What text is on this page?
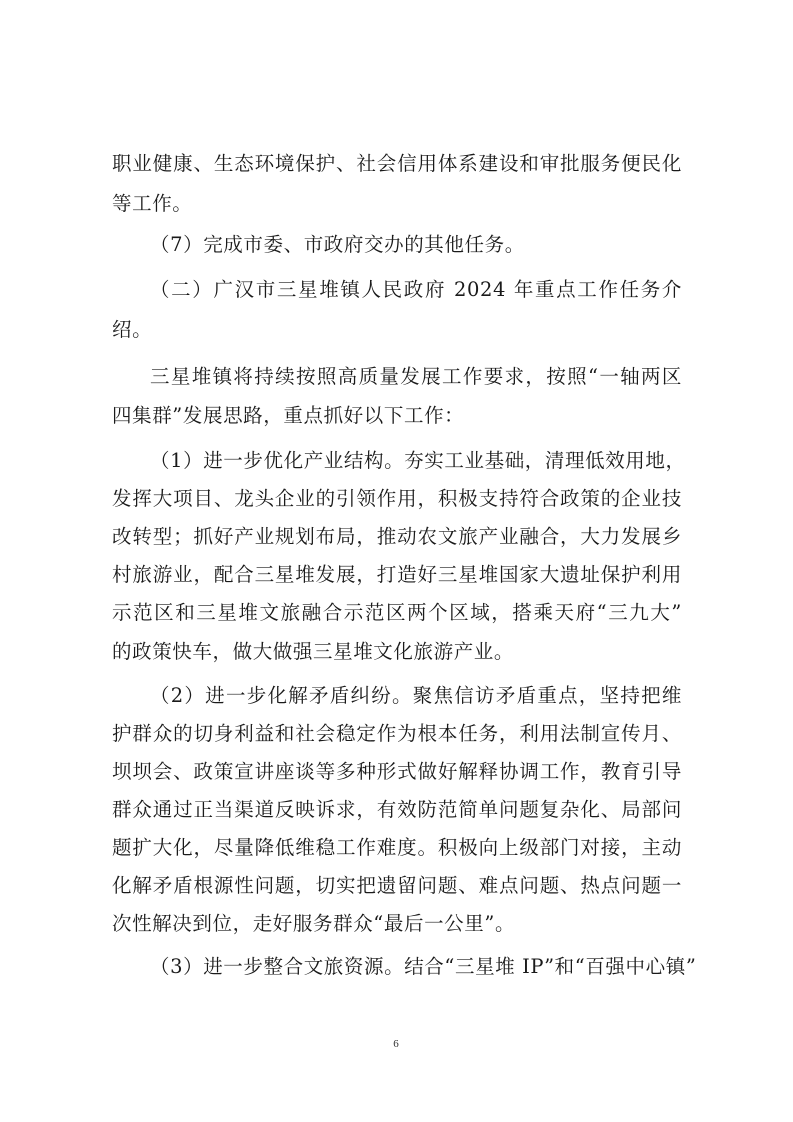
职业健康、生态环境保护、社会信用体系建设和审批服务便民化
等工作。
（7）完成市委、市政府交办的其他任务。
（二）广汉市三星堆镇人民政府 2024 年重点工作任务介
绍。
三星堆镇将持续按照高质量发展工作要求，按照“一轴两区
四集群”发展思路，重点抓好以下工作：
（1）进一步优化产业结构。夯实工业基础，清理低效用地，
发挥大项目、龙头企业的引领作用，积极支持符合政策的企业技
改转型；抓好产业规划布局，推动农文旅产业融合，大力发展乡
村旅游业，配合三星堆发展，打造好三星堆国家大遗址保护利用
示范区和三星堆文旅融合示范区两个区域，搭乘天府“三九大”
的政策快车，做大做强三星堆文化旅游产业。
（2）进一步化解矛盾纠纷。聚焦信访矛盾重点，坚持把维
护群众的切身利益和社会稳定作为根本任务，利用法制宣传月、
坝坝会、政策宣讲座谈等多种形式做好解释协调工作，教育引导
群众通过正当渠道反映诉求，有效防范简单问题复杂化、局部问
题扩大化，尽量降低维稳工作难度。积极向上级部门对接，主动
化解矛盾根源性问题，切实把遗留问题、难点问题、热点问题一
次性解决到位，走好服务群众“最后一公里”。
（3）进一步整合文旅资源。结合“三星堆 IP”和“百强中心镇”
6
